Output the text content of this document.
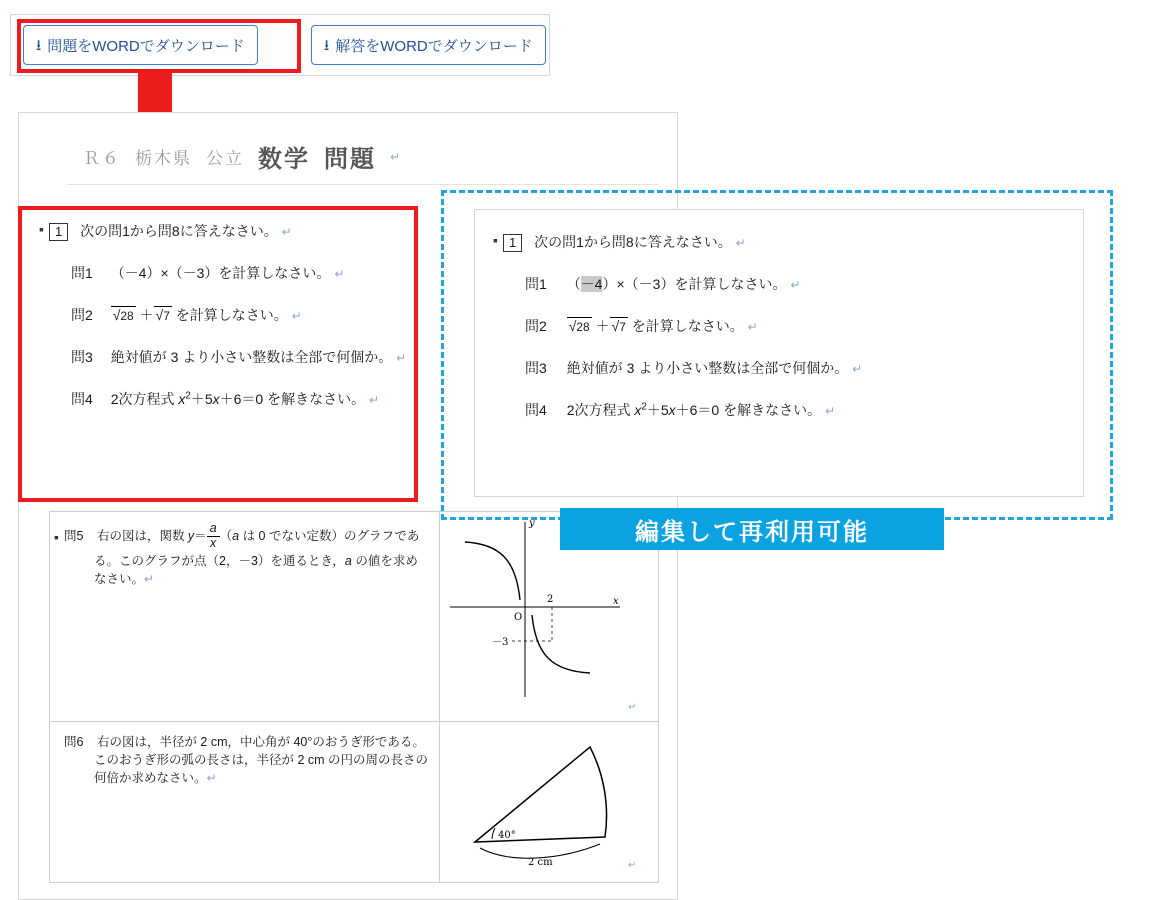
⭳ 問題をWORDでダウンロード	⭳ 解答をWORDでダウンロード
Ｒ６ 栃木県 公立 数学 問題 ↵
▪ 1 次の問1から問8に答えなさい。 ↵
問1 （－4）×（－3）を計算しなさい。 ↵
問2 √28 ＋ √7 を計算しなさい。 ↵
問3 絶対値が 3 より小さい整数は全部で何個か。 ↵
問4 2次方程式 $x^2+5x+6=0$ を解きなさい。 ↵
▪ 問5 右の図は，関数 $y= \frac{a}{x} (a$ は 0 でない定数）のグラフであ
る。このグラフが点（2，－3）を通るとき，a の値を求め
なさい。↵
y
x
O
2
－3
↵
問6 右の図は，半径が 2 cm，中心角が 40°のおうぎ形である。
このおうぎ形の弧の長さは，半径が 2 cm の円の周の長さの
何倍か求めなさい。↵
40°
2 cm	↵
▪ 1 次の問1から問8に答えなさい。 ↵
問1 （－4）×（－3）を計算しなさい。 ↵
問2 √28 ＋ √7 を計算しなさい。 ↵
問3 絶対値が 3 より小さい整数は全部で何個か。 ↵
問4 2次方程式 $x^2+5x+6=0$ を解きなさい。 ↵
編集して再利用可能
